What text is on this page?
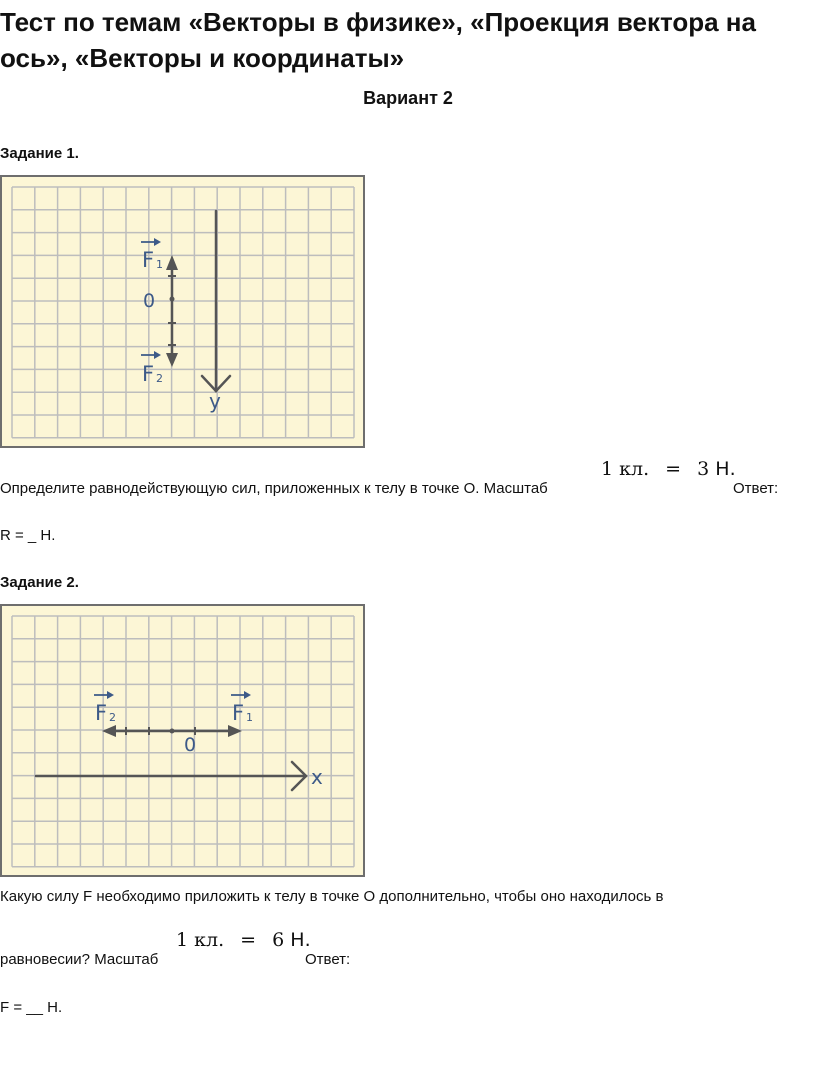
Тест по темам «Векторы в физике», «Проекция вектора на ось», «Векторы и координаты»
Вариант 2
Задание 1.
0
y
F 1
F 2
Определите равнодействующую сил, приложенных к телу в точке О. Масштаб
1 кл. = 3 Н.
Ответ:
R = _ Н.
Задание 2.
0
x
F 2	F 1
Какую силу F необходимо приложить к телу в точке О дополнительно, чтобы оно находилось в
равновесии? Масштаб
1 кл. = 6 Н.
Ответ:
F = __ Н.
